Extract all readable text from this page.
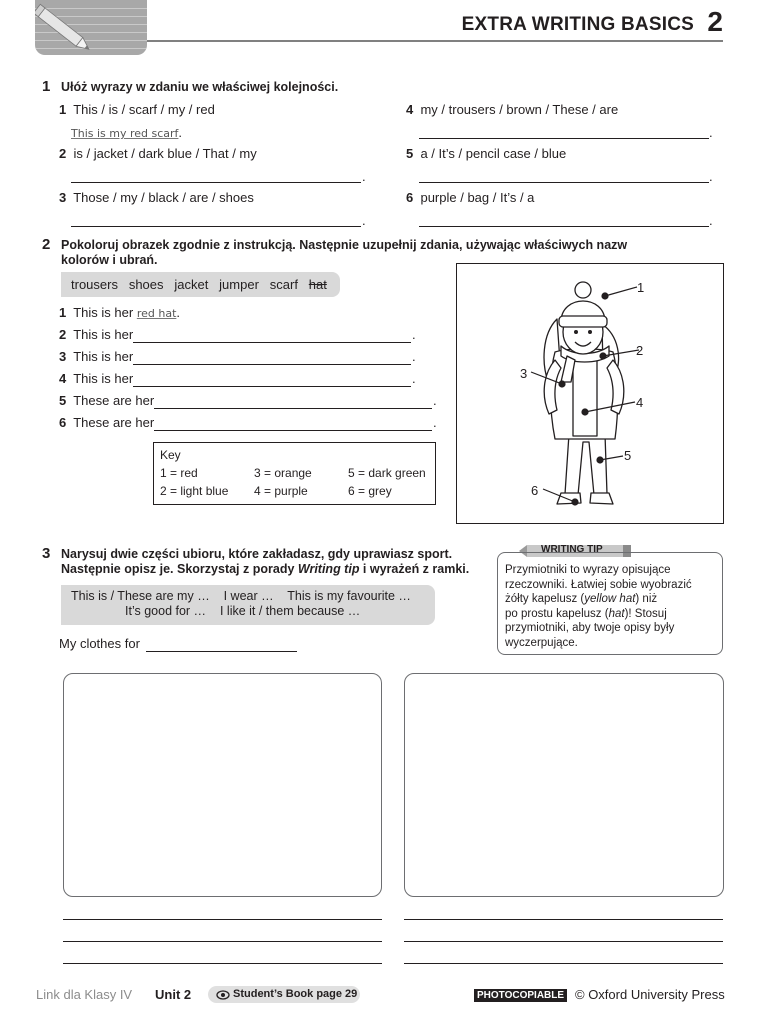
EXTRA WRITING BASICS 2
1 Ułóż wyrazy w zdaniu we właściwej kolejności.
1 This / is / scarf / my / red
This is my red scarf.
2 is / jacket / dark blue / That / my
.
3 Those / my / black / are / shoes
.
4 my / trousers / brown / These / are
.
5 a / It’s / pencil case / blue
.
6 purple / bag / It’s / a
.
2 Pokoloruj obrazek zgodnie z instrukcją. Następnie uzupełnij zdania, używając właściwych nazw
kolorów i ubrań.
trousers shoes jacket jumper scarf hat
1 This is her red hat.
2 This is her	.
3 This is her	.
4 This is her	.
5 These are her	.
6 These are her	.
Key
1 = red	3 = orange	5 = dark green
2 = light blue 4 = purple	6 = grey
1
2
3
4
5
6
3 Narysuj dwie części ubioru, które zakładasz, gdy uprawiasz sport.
Następnie opisz je. Skorzystaj z porady Writing tip i wyrażeń z ramki.
This is / These are my … I wear … This is my favourite …
It’s good for … I like it / them because …
My clothes for
WRITING TIP
Przymiotniki to wyrazy opisujące
rzeczowniki. Łatwiej sobie wyobrazić
żółty kapelusz (yellow hat) niż
po prostu kapelusz (hat)! Stosuj
przymiotniki, aby twoje opisy były
wyczerpujące.
Link dla Klasy IV Unit 2	Student’s Book page 29	PHOTOCOPIABLE © Oxford University Press
